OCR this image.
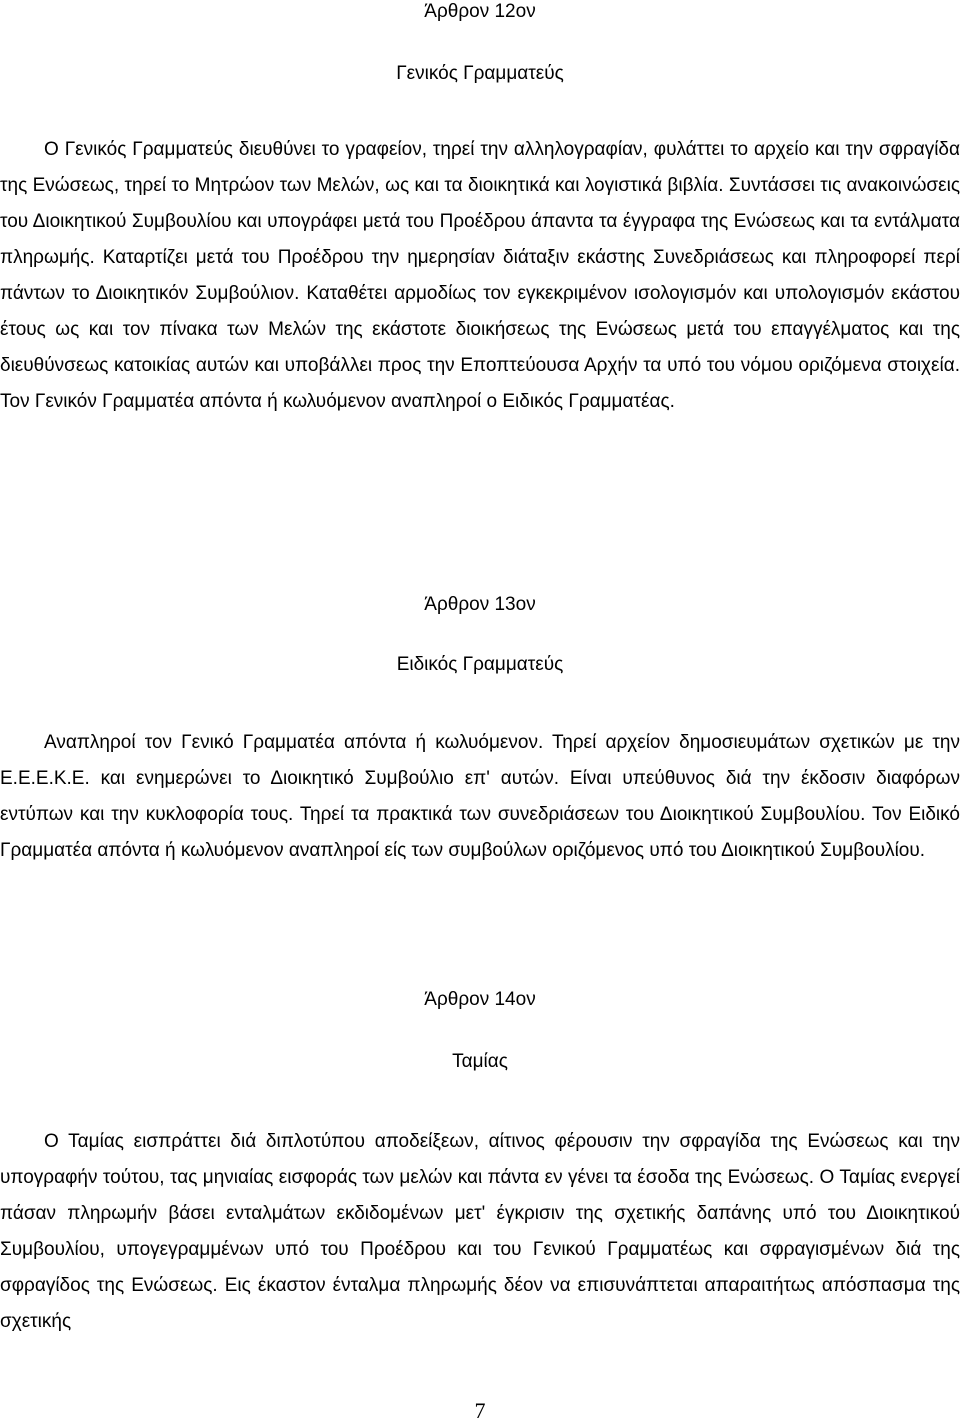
Άρθρον 12ον
Γενικός Γραμματεύς

Ο Γενικός Γραμματεύς διευθύνει το γραφείον, τηρεί την αλληλογραφίαν, φυλάττει το αρχείο και την σφραγίδα της Ενώσεως, τηρεί το Μητρώον των Μελών, ως και τα διοικητικά και λογιστικά βιβλία. Συντάσσει τις ανακοινώσεις του Διοικητικού Συμβουλίου και υπογράφει μετά του Προέδρου άπαντα τα έγγραφα της Ενώσεως και τα εντάλματα πληρωμής. Καταρτίζει μετά του Προέδρου την ημερησίαν διάταξιν εκάστης Συνεδριάσεως και πληροφορεί περί πάντων το Διοικητικόν Συμβούλιον. Καταθέτει αρμοδίως τον εγκεκριμένον ισολογισμόν και υπολογισμόν εκάστου έτους ως και τον πίνακα των Μελών της εκάστοτε διοικήσεως της Ενώσεως μετά του επαγγέλματος και της διευθύνσεως κατοικίας αυτών και υποβάλλει προς την Εποπτεύουσα Αρχήν τα υπό του νόμου οριζόμενα στοιχεία. Τον Γενικόν Γραμματέα απόντα ή κωλυόμενον αναπληροί ο Ειδικός Γραμματέας.

Άρθρον 13ον
Ειδικός Γραμματεύς

Αναπληροί τον Γενικό Γραμματέα απόντα ή κωλυόμενον. Τηρεί αρχείον δημοσιευμάτων σχετικών με την Ε.Ε.Ε.Κ.Ε. και ενημερώνει το Διοικητικό Συμβούλιο επ' αυτών. Είναι υπεύθυνος διά την έκδοσιν διαφόρων εντύπων και την κυκλοφορία τους. Τηρεί τα πρακτικά των συνεδριάσεων του Διοικητικού Συμβουλίου. Τον Ειδικό Γραμματέα απόντα ή κωλυόμενον αναπληροί είς των συμβούλων οριζόμενος υπό του Διοικητικού Συμβουλίου.

Άρθρον 14ον
Ταμίας

Ο Ταμίας εισπράττει διά διπλοτύπου αποδείξεων, αίτινος φέρουσιν την σφραγίδα της Ενώσεως και την υπογραφήν τούτου, τας μηνιαίας εισφοράς των μελών και πάντα εν γένει τα έσοδα της Ενώσεως. Ο Ταμίας ενεργεί πάσαν πληρωμήν βάσει ενταλμάτων εκδιδομένων μετ' έγκρισιν της σχετικής δαπάνης υπό του Διοικητικού Συμβουλίου, υπογεγραμμένων υπό του Προέδρου και του Γενικού Γραμματέως και σφραγισμένων διά της σφραγίδος της Ενώσεως. Εις έκαστον ένταλμα πληρωμής δέον να επισυνάπτεται απαραιτήτως απόσπασμα της σχετικής

7
